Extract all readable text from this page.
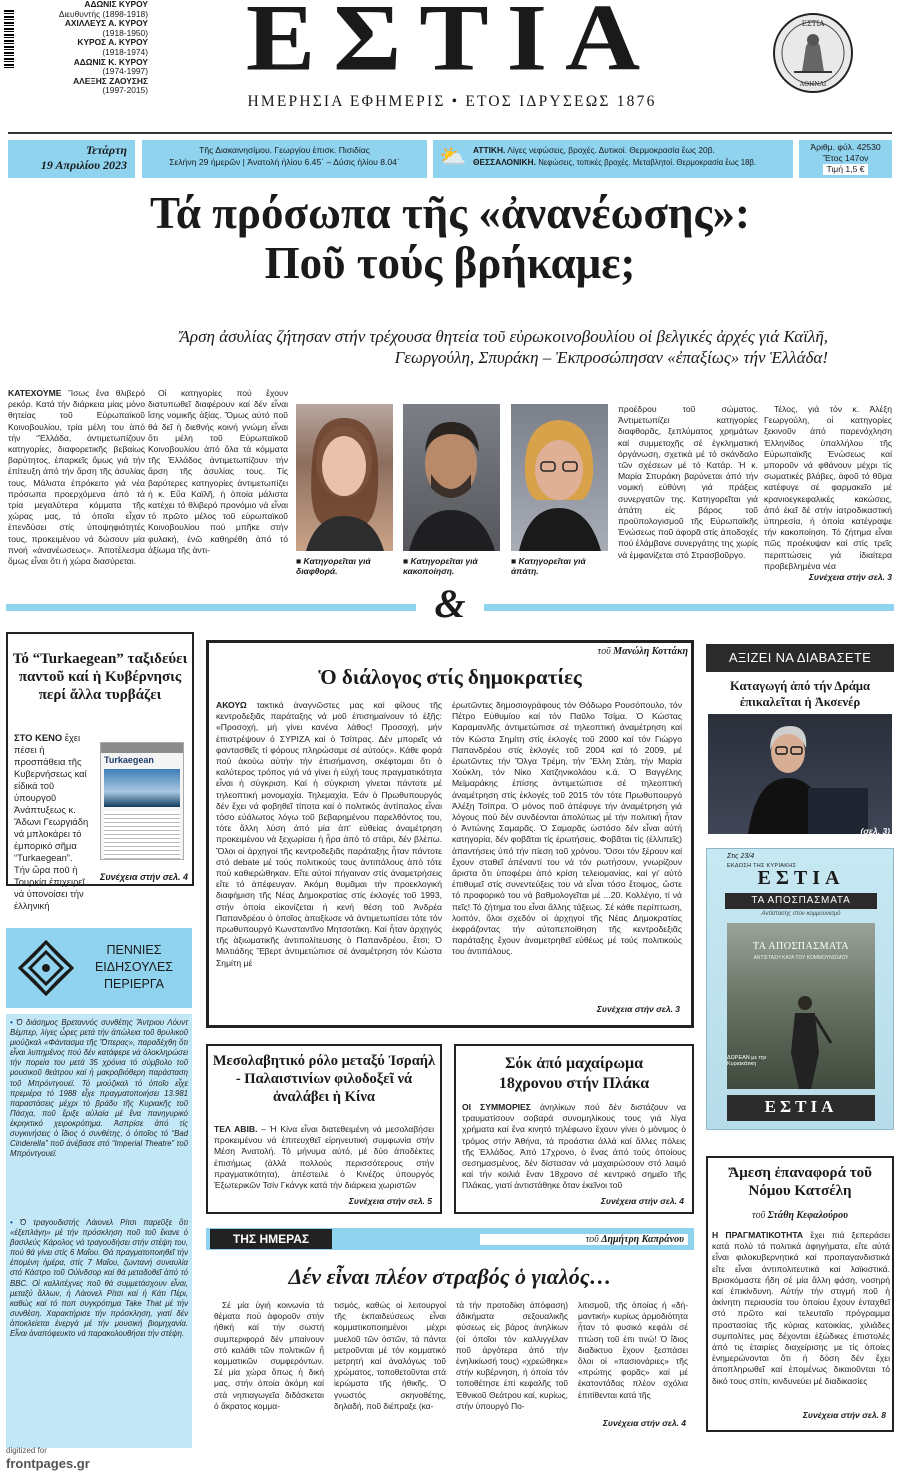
ΑΔΩΝΙΣ ΚΥΡΟΥ
Διευθυντής (1898-1918)
ΑΧΙΛΛΕΥΣ Α. ΚΥΡΟΥ
(1918-1950)
ΚΥΡΟΣ Α. ΚΥΡΟΥ
(1918-1974)
ΑΔΩΝΙΣ Κ. ΚΥΡΟΥ
(1974-1997)
ΑΛΕΞΗΣ ΖΑΟΥΣΗΣ
(1997-2015) ΕΣΤΙΑ
ΗΜΕΡΗΣΙΑ ΕΦΗΜΕΡΙΣ • ΕΤΟΣ ΙΔΡΥΣΕΩΣ 1876
ΕΣΤΙΑ
ΑΘΗΝΑΙ
Τετάρτη
19 Απριλίου 2023
Τῆς Διακαινησίμου. Γεωργίου ἐπισκ. Πισιδίας
Σελήνη 29 ἡμερῶν | Ἀνατολή ἡλίου 6.45΄ – Δύσις ἡλίου 8.04΄	⛅ ΑΤΤΙΚΗ. Λίγες νεφώσεις, βροχές. Δυτικοί. Θερμοκρασία ἕως 20β.
ΘΕΣΣΑΛΟΝΙΚΗ. Νεφώσεις, τοπικές βροχές. Μεταβλητοί. Θερμοκρασία ἕως 18β.
Ἀριθμ. φύλ. 42530
Ἔτος 147ον
Τιμή 1,5 €
Τά πρόσωπα τῆς «ἀνανέωσης»:
Ποῦ τούς βρήκαμε;
Ἄρση ἀσυλίας ζήτησαν στήν τρέχουσα θητεία τοῦ εὐρωκοινοβουλίου οἱ βελγικές ἀρχές γιά Καϊλῆ, Γεωργούλη, Σπυράκη – Ἐκπροσώπησαν «ἐπαξίως» τήν Ἑλλάδα!
ΚΑΤΕΧΟΥΜΕ Ἴσως ἕνα θλιβερό ρεκόρ. Κατά τήν διάρκεια μίας μόνο θητείας τοῦ Εὐρωπαϊκοῦ Κοινοβουλίου, τρία μέλη του ἀπό τήν “Ἑλλάδα, ἀντιμετωπίζουν κατηγορίες, διαφορετικῆς βεβαίως βαρύτητος, ἐπαρκεῖς ὅμως γιά τήν ἐπίτευξη ἀπό τήν ἄρση τῆς ἀσυλίας τους. Μάλιστα ἐπρόκειτο γιά νέα πρόσωπα προερχόμενα ἀπό τά τρία μεγαλύτερα κόμματα τῆς χώρας μας, τά ὁποῖα εἶχαν ἐπενδύσει στίς ὑποψηφιότητές τους, προκειμένου νά δώσουν μία πνοή «ἀνανέωσεως». Ἀποτέλεσμα ὅμως εἶναι ὅτι ἡ χώρα διασύρεται.
Οἱ κατηγορίες πού ἔχουν διατυπωθεῖ διαφέρουν καί δέν εἶναι ἴσης νομικῆς ἀξίας. Ὅμως αὐτό ποῦ θά δεῖ ἡ διεθνής κοινή γνώμη εἶναι ὅτι μέλη τοῦ Εὐρωπαϊκοῦ Κοινοβουλίου ἀπό ὅλα τά κόμματα τῆς Ἑλλάδος ἀντιμετωπίζουν τήν ἄρση τῆς ἀσυλίας τους. Τίς βαρύτερες κατηγορίες ἀντιμετωπίζει ἡ κ. Εὔα Καϊλῆ, ἡ ὁποία μάλιστα κατέχει τό θλιβερό προνόμιο νά εἶναι τό πρῶτο μέλος τοῦ εὐρωπαϊκοῦ Κοινοβουλίου πού μπῆκε στήν φυλακή, ἐνῶ καθηρέθη ἀπό τό ἀξίωμα τῆς ἀντι-
■ Κατηγορεῖται γιά διαφθορά.
■ Κατηγορεῖται γιά κακοποίηση.
■ Κατηγορεῖται γιά ἀπάτη.
προέδρου τοῦ σώματος. Ἀντιμετωπίζει κατηγορίες διαφθορᾶς, ξεπλύματος χρημάτων καί συμμετοχῆς σέ ἐγκληματική ὀργάνωση, σχετικά μέ τό σκάνδαλο τῶν σχέσεων μέ τό Κατάρ. Ἡ κ. Μαρία Σπυράκη βαρύνεται ἀπό τήν νομική εὐθύνη γιά πράξεις συνεργατῶν της. Κατηγορεῖται γιά ἀπάτη εἰς βάρος τοῦ προϋπολογισμοῦ τῆς Εὐρωπαϊκῆς Ἑνώσεως ποῦ ἀφορᾶ στίς ἀποδοχές πού ἐλάμβανε συνεργάτης της χωρίς νά ἐμφανίζεται στό Στρασβοῦργο.
Τέλος, γιά τόν κ. Ἀλέξη Γεωργούλη, οἱ κατηγορίες ξεκινοῦν ἀπό παρενόχληση Ἑλληνίδος ὑπαλλήλου τῆς Εὐρωπαϊκῆς Ἑνώσεως καί μποροῦν νά φθάνουν μέχρι τίς σωματικές βλάβες, ἀφοῦ τό θῦμα κατέφυγε σέ φαρμακεῖο μέ κρανιοεγκεφαλικές κακώσεις, ἀπό ἐκεῖ δέ στήν ἰατροδικαστική ὑπηρεσία, ἡ ὁποία κατέγραψε τήν κακοποίηση. Τό ζήτημα εἶναι πῶς προέκυψαν καί στίς τρεῖς περιπτώσεις γιά ἰδιαίτερα προβεβλημένα νέα
Συνέχεια στήν σελ. 3
&
Τό “Turkaegean” ταξιδεύει παντοῦ καί ἡ Κυβέρνησις περί ἄλλα τυρβάζει
ΣΤΟ ΚΕΝΟ ἔχει πέσει ἡ προσπάθεια τῆς Κυβερνήσεως καί εἰδικά τοῦ ὑπουργοῦ Ἀνάπτυξεως κ. Ἄδωνι Γεωργιάδη νά μπλοκάρει τό ἐμπορικό σῆμα “Turkaegean”. Τήν ὥρα ποῦ ἡ Τουρκία ἐπιχειρεῖ νά ὑπονοίσει τήν ἑλληνική
Turkaegean
Συνέχεια στήν σελ. 4
ΠΕΝΝΙΕΣ
ΕΙΔΗΣΟΥΛΕΣ
ΠΕΡΙΕΡΓΑ
• Ὁ διάσημος Βρεταννός συνθέτης Ἄντριου Λόυντ Βέμπερ, λίγες ὧρες μετά τήν ἀπώλεια τοῦ θρυλικοῦ μιούζικαλ «Φάντασμα τῆς Ὄπερας», παραδέχθη ὅτι εἶναι λυπημένος πού δέν κατάφερε νά ὁλοκληρώσει τήν πορεία του μετά 35 χρόνια τό σύμβολο τοῦ μουσικοῦ θεάτρου καί ἡ μακροβιόθερη παράσταση τοῦ Μπρόντγουεϊ. Τό μιούζικαλ τό ὁποῖο εἶχε πρεμιέρα τό 1988 εἶχε πραγματοποιήσει 13.981 παραστάσεις μέχρι τό βράδυ τῆς Κυριακῆς τοῦ Πάσχα, ποῦ ἔριξε αὐλαία μέ ἕνα πανηγυρικό ἐκρηκτικό χειροκρότημα. Ἀσπρίσε ἀπό τίς συγκινήσεις ὁ ἴδιος ὁ συνθέτης, ὁ ὁποῖος τό “Bad Cinderella” ποῦ ἀνέβασε στό “Imperial Theatre” τοῦ Μπρόντγουεϊ.
• Ὁ τραγουδιστής Λάιονελ Ρίτσι παρεῦξε ὅτι «ἐξεπλάγη» μέ τήν πρόσκληση ποῦ τοῦ ἔκανε ὁ βασιλεύς Κάρολος νά τραγουδήσει στήν στέψη του, πού θά γίνει στίς 6 Μαΐου. Θά πραγματοποιηθεῖ τήν ἑπομένη ἡμέρα, στίς 7 Μαΐου, ζωντανή συναυλία στό Κάστρο τοῦ Οὐίνδσορ καί θά μεταδοθεῖ ἀπό τό BBC. Οἱ καλλιτέχνες ποῦ θά συμμετάσχουν εἶναι, μεταξύ ἄλλων, ἡ Λάιονελ Ρίτσι καί ἡ Κάτι Πέρι, καθώς καί τό ποπ συγκρότημα Take That μέ τήν συνθέση. Χαρακτήρισε τήν πρόσκληση, γιατί δέν ἀποκλείεται ἐνεργά μέ τήν μουσική βιομηχανία. Εἶναι ἀναπόφευκτο νά παρακολουθήσει τήν στέψη.
τοῦ Μανώλη Κοττάκη
Ὁ διάλογος στίς δημοκρατίες
ΑΚΟΥΩ τακτικά ἀναγνῶστες μας καί φίλους τῆς κεντροδεξιᾶς παράταξης νά μοῦ ἐπισημαίνουν τό ἑξῆς: «Προσοχή, μή γίνει κανένα λάθος! Προσοχή, μήν ἐπιστρέψουν ὁ ΣΥΡΙΖΑ καί ὁ Τσίπρας. Δέν μπορεῖς νά φαντασθεῖς τί φόρους πληρώσαμε σέ αὐτούς». Κάθε φορά πού ἀκούω αὐτήν τήν ἐπισήμανση, σκέφτομαι ὅτι ὁ καλύτερος τρόπος γιά νά γίνει ἡ εὐχή τους πραγματικότητα εἶναι ἡ σύγκριση. Καί ἡ σύγκριση γίνεται πάντοτε μέ τηλεοπτική μονομαχία. Τηλεμαχία. Ἐάν ὁ Πρωθυπουργός δέν ἔχει νά φοβηθεῖ τίποτα καί ὁ πολιτικός ἀντίπαλος εἶναι τόσο εὐάλωτος λόγω τοῦ βεβαρημένου παρελθόντος του, τότε ἄλλη λύση ἀπό μία ἀπ' εὐθείας ἀναμέτρηση προκειμένου νά ξεχωρίσει ἡ ἦρα ἀπό τό στάρι, δέν βλέπω. Ὅλοι οἱ ἀρχηγοί τῆς κεντροδεξιᾶς παράταξης ἦταν πάντοτε στό debate μέ τούς πολιτικούς τους ἀντιπάλους ἀπό τότε πού καθιερώθηκαν. Εἴτε αὐτοί πήγαιναν στίς ἀναμετρήσεις εἴτε τό ἀπέφευγαν. Ἀκόμη θυμᾶμαι τήν προεκλογική διαφήμιση τῆς Νέας Δημοκρατίας στίς ἐκλογές τοῦ 1993, στήν ὁποία εἰκονίζεται ἡ κενή θέση τοῦ Ἀνδρέα Παπανδρέου ὁ ὁποῖος ἀπαξίωσε νά ἀντιμετωπίσει τότε τόν πρωθυπουργό Κωνσταντῖνο Μητσοτάκη. Καί ἦταν ἀρχηγός τῆς ἀξιωματικῆς ἀντιπολίτευσης ὁ Παπανδρέου, ἔτσι; Ὁ Μιλτιάδης Ἔβερτ ἀντιμετώπισε σέ ἀναμέτρηση τόν Κώστα Σημίτη μέ
ἐρωτῶντες δημοσιογράφους τόν Θόδωρο Ρουσόπουλο, τόν Πέτρο Εὐθυμίου καί τόν Παῦλο Τσίμα. Ὁ Κώστας Καραμανλῆς ἀντιμετώπισε σέ τηλεοπτική ἀναμέτρηση καί τόν Κώστα Σημίτη στίς ἐκλογές τοῦ 2000 καί τόν Γιώργο Παπανδρέου στίς ἐκλογές τοῦ 2004 καί τό 2009, μέ ἐρωτῶντες τήν Ὄλγα Τρέμη, τήν Ἔλλη Στάη, τήν Μαρία Χούκλη, τόν Νίκο Χατζηνικολάου κ.ά. Ὁ Βαγγέλης Μεϊμαράκης ἐπίσης ἀντιμετώπισε σέ τηλεοπτική ἀναμέτρηση στίς ἐκλογές τοῦ 2015 τόν τότε Πρωθυπουργό Ἀλέξη Τσίπρα. Ὁ μόνος ποῦ ἀπέφυγε τήν ἀναμέτρηση γιά λόγους πού δέν συνδέονται ἀπολύτως μέ τήν πολιτική ἦταν ὁ Ἀντώνης Σαμαρᾶς. Ὁ Σαμαρᾶς ὡστόσο δέν εἶναι αὐτή κατηγορία, δέν φοβᾶται τίς ἐρωτήσεις. Φοβᾶται τίς (ἐλλιπεῖς) ἀπαντήσεις ὑπό τήν πίεση τοῦ χρόνου. Ὅσοι τόν ξέρουν καί ἔχουν σταθεῖ ἀπέναντί του νά τόν ρωτήσουν, γνωρίζουν ἄριστα ὅτι ὑποφέρει ἀπό κρίση τελειομανίας, καί γι' αὐτό ἐπιθυμεῖ στίς συνεντεύξεις του νά εἶναι τόσο ἔτοιμος, ὥστε τό προφορικό του νά βαθμολογεῖται μέ ...20. Κολλέγιο, τί νά πεῖς! Τό ζήτημα του εἶναι ἄλλης τάξεως. Σέ κάθε περίπτωση, λοιπόν, ὅλοι σχεδόν οἱ ἀρχηγοί τῆς Νέας Δημοκρατίας ἐκφράζοντας τήν αὐτοπεποίθηση τῆς κεντροδεξιᾶς παράταξης ἔχουν ἀναμετρηθεῖ εὐθέως μέ τούς πολιτικούς του ἀντιπάλους.
Συνέχεια στήν σελ. 3
Μεσολαβητικό ρόλο μεταξύ Ἰσραήλ - Παλαιστινίων φιλοδοξεῖ νά ἀναλάβει ἡ Κίνα
ΤΕΛ ΑΒΙΒ. – Ἡ Κίνα εἶναι διατεθειμένη νά μεσολαβήσει προκειμένου νά ἐπιτευχθεῖ εἰρηνευτική συμφωνία στήν Μέση Ἀνατολή. Τό μήνυμα αὐτό, μέ δύο ἀποδέκτες ἐπισήμως (ἀλλά πολλούς περισσότερους στήν πραγματικότητα), ἀπέστειλε ὁ Κινέζος ὑπουργός Ἐξωτερικῶν Τσίν Γκάνγκ κατά τήν διάρκεια χωριστῶν
Συνέχεια στήν σελ. 5
Σόκ ἀπό μαχαίρωμα 18χρονου στήν Πλάκα
ΟΙ ΣΥΜΜΟΡΙΕΣ ἀνηλίκων πού δέν διστάζουν να τραυματίσουν σοβαρά συνομηλίκους τους γιά λίγα χρήματα καί ἕνα κινητό τηλέφωνο ἔχουν γίνει ὁ μόνιμος ὁ τρόμος στήν Ἀθήνα, τά προάστια ἀλλά καί ἄλλες πόλεις τῆς Ἑλλάδος. Ἀπό 17χρονο, ὁ ἕνας ἀπό τούς ὁποίους σεσημασμένος, δέν δίστασαν νά μαχαιρώσουν στό λαιμό καί τήν κοιλιά ἕναν 18χρονο σέ κεντρικό σημεῖο τῆς Πλάκας, γιατί ἀντιστάθηκε ὅταν ἐκεῖνοι τοῦ
Συνέχεια στήν σελ. 4
ΤΗΣ ΗΜΕΡΑΣ	τοῦ Δημήτρη Καπράνου
Δέν εἶναι πλέον στραβός ὁ γιαλός…
Σέ μία ὑγιή κοινωνία τά θέματα πού ἀφοροῦν στήν ἠθική καί τήν σωστή συμπεριφορά δέν μπαίνουν στό καλάθι τῶν πολιτικῶν ἤ κομματικῶν συμφερόντων. Σέ μία χώρα ὅπως ἡ δική μας, στήν ὁποία ἀκόμη καί στά νηπιαγωγεῖα διδάσκεται ὁ ἄκρατος κομμα-
τισμός, καθώς οἱ λειτουργοί τῆς ἐκπαιδεύσεως εἶναι κομματικοποιημένοι μέχρι μυελοῦ τῶν ὀστῶν, τά πάντα μετροῦνται μέ τόν κομματικό μετρητή καί ἀναλόγως τοῦ χρώματος, τοποθετοῦνται στά ἱερώματα τῆς ἠθικῆς. Ὁ γνωστός σκηνοθέτης, δηλαδή, ποῦ διέπραξε (κα-
τά τήν προτοδίκη ἀπόφαση) ἀδικήματα σεξουαλικῆς φύσεως εἰς βάρος ἀνηλίκων (οἱ ὁποῖοι τόν καλλιγγέλαν ποῦ ἀργότερα ἀπό τήν ἐνηλικίωσή τους) «χρεώθηκε» στήν κυβέρνηση, ἡ ὁποία τόν τοποθέτησε ἐπί κεφαλῆς τοῦ Ἐθνικοῦ Θεάτρου καί, κυρίως, στήν ὑπουργό Πο-
λιτισμοῦ, τῆς ὁποίας ἡ «δή-μαντική» κυρίως ἀρμοδιότητα ἦταν τό φυσικό κεφάλι σέ πτώση τοῦ ἐπι τινώ! Ὁ ἴδιος διαδικτυο ἔχουν ξεσπάσει ὅλοι οἱ «πασιονάριες» τῆς «πρώτης φορᾶς» καί μέ ἑκατοντάδας πλέον σχόλια ἐπιτίθενται κατά τῆς
Συνέχεια στήν σελ. 4
ΑΞΙΖΕΙ ΝΑ ΔΙΑΒΑΣΕΤΕ
Καταγωγή ἀπό τήν Δράμα ἐπικαλεῖται ἡ Ἀκσενέρ
(σελ. 3)
Στις 23/4
ΕΚΔΟΣΗ ΤΗΣ ΚΥΡΙΑΚΗΣ
ΕΣΤΙΑ
ΤΑ ΑΠΟΣΠΑΣΜΑΤΑ
Αντίστασης στον κομμουνισμό
ΤΑ ΑΠΟΣΠΑΣΜΑΤΑ
ΑΝΤΙΣΤΑΣΗ ΚΑΤΑ ΤΟΥ ΚΟΜΜΟΥΝΙΣΜΟΥ
ΔΩΡΕΑΝ με την Κυριακάτικη
ΕΣΤΙΑ
Ἄμεση ἐπαναφορά τοῦ Νόμου Κατσέλη
τοῦ Στάθη Κεφαλούρου
Η ΠΡΑΓΜΑΤΙΚΟΤΗΤΑ ἔχει πιά ξεπεράσει κατά πολύ τά πολιτικά ἀφηγήματα, εἴτε αὐτά εἶναι φιλοκυβερνητικά καί προπαγανδιστικά εἴτε εἶναι ἀντιπολιτευτικά καί λαϊκιστικά. Βρισκόμαστε ἤδη σέ μία ἄλλη φάση, νοσηρή καί ἐπικίνδυνη. Αὐτήν τήν στιγμή ποῦ ἡ ἀκίνητη περιουσία του ὁποίου ἔχουν ἐνταχθεῖ στό πρῶτο καί τελευταῖο πρόγραμμα προστασίας τῆς κύριας κατοικίας, χιλιάδες συμπολίτες μας δέχονται ἐξώδικες ἐπιστολές ἀπό τις ἑταιρίες διαχείρισης με τίς ὁποίες ἐνημερώνονται ὅτι ἡ δόση δέν ἔχει ἀποπληρωθεῖ καί ἐπομένως δικαιοῦνται τό δικό τους σπίτι, κινδυνεύει μέ διαδικασίες
Συνέχεια στήν σελ. 8
digitized for
frontpages.gr
